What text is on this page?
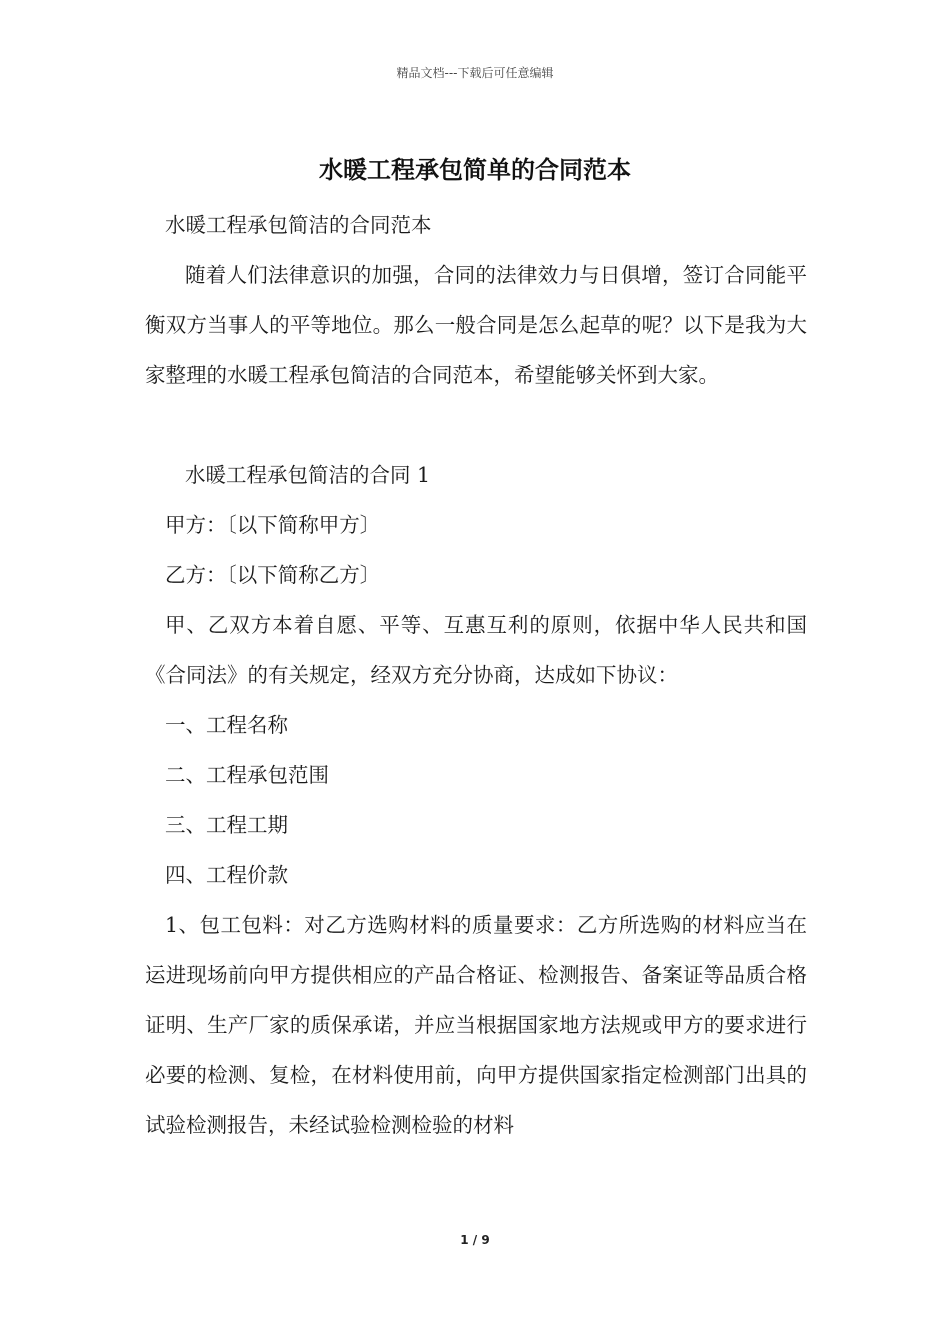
精品文档---下载后可任意编辑
水暖工程承包简单的合同范本

水暖工程承包简洁的合同范本

随着人们法律意识的加强，合同的法律效力与日俱增，签订合同能平衡双方当事人的平等地位。那么一般合同是怎么起草的呢？以下是我为大家整理的水暖工程承包简洁的合同范本，希望能够关怀到大家。

水暖工程承包简洁的合同 1

甲方：〔以下简称甲方〕

乙方：〔以下简称乙方〕

甲、乙双方本着自愿、平等、互惠互利的原则，依据中华人民共和国《合同法》的有关规定，经双方充分协商，达成如下协议：

一、工程名称

二、工程承包范围

三、工程工期

四、工程价款

1、包工包料：对乙方选购材料的质量要求：乙方所选购的材料应当在运进现场前向甲方提供相应的产品合格证、检测报告、备案证等品质合格证明、生产厂家的质保承诺，并应当根据国家地方法规或甲方的要求进行必要的检测、复检，在材料使用前，向甲方提供国家指定检测部门出具的试验检测报告，未经试验检测检验的材料

1 / 9
